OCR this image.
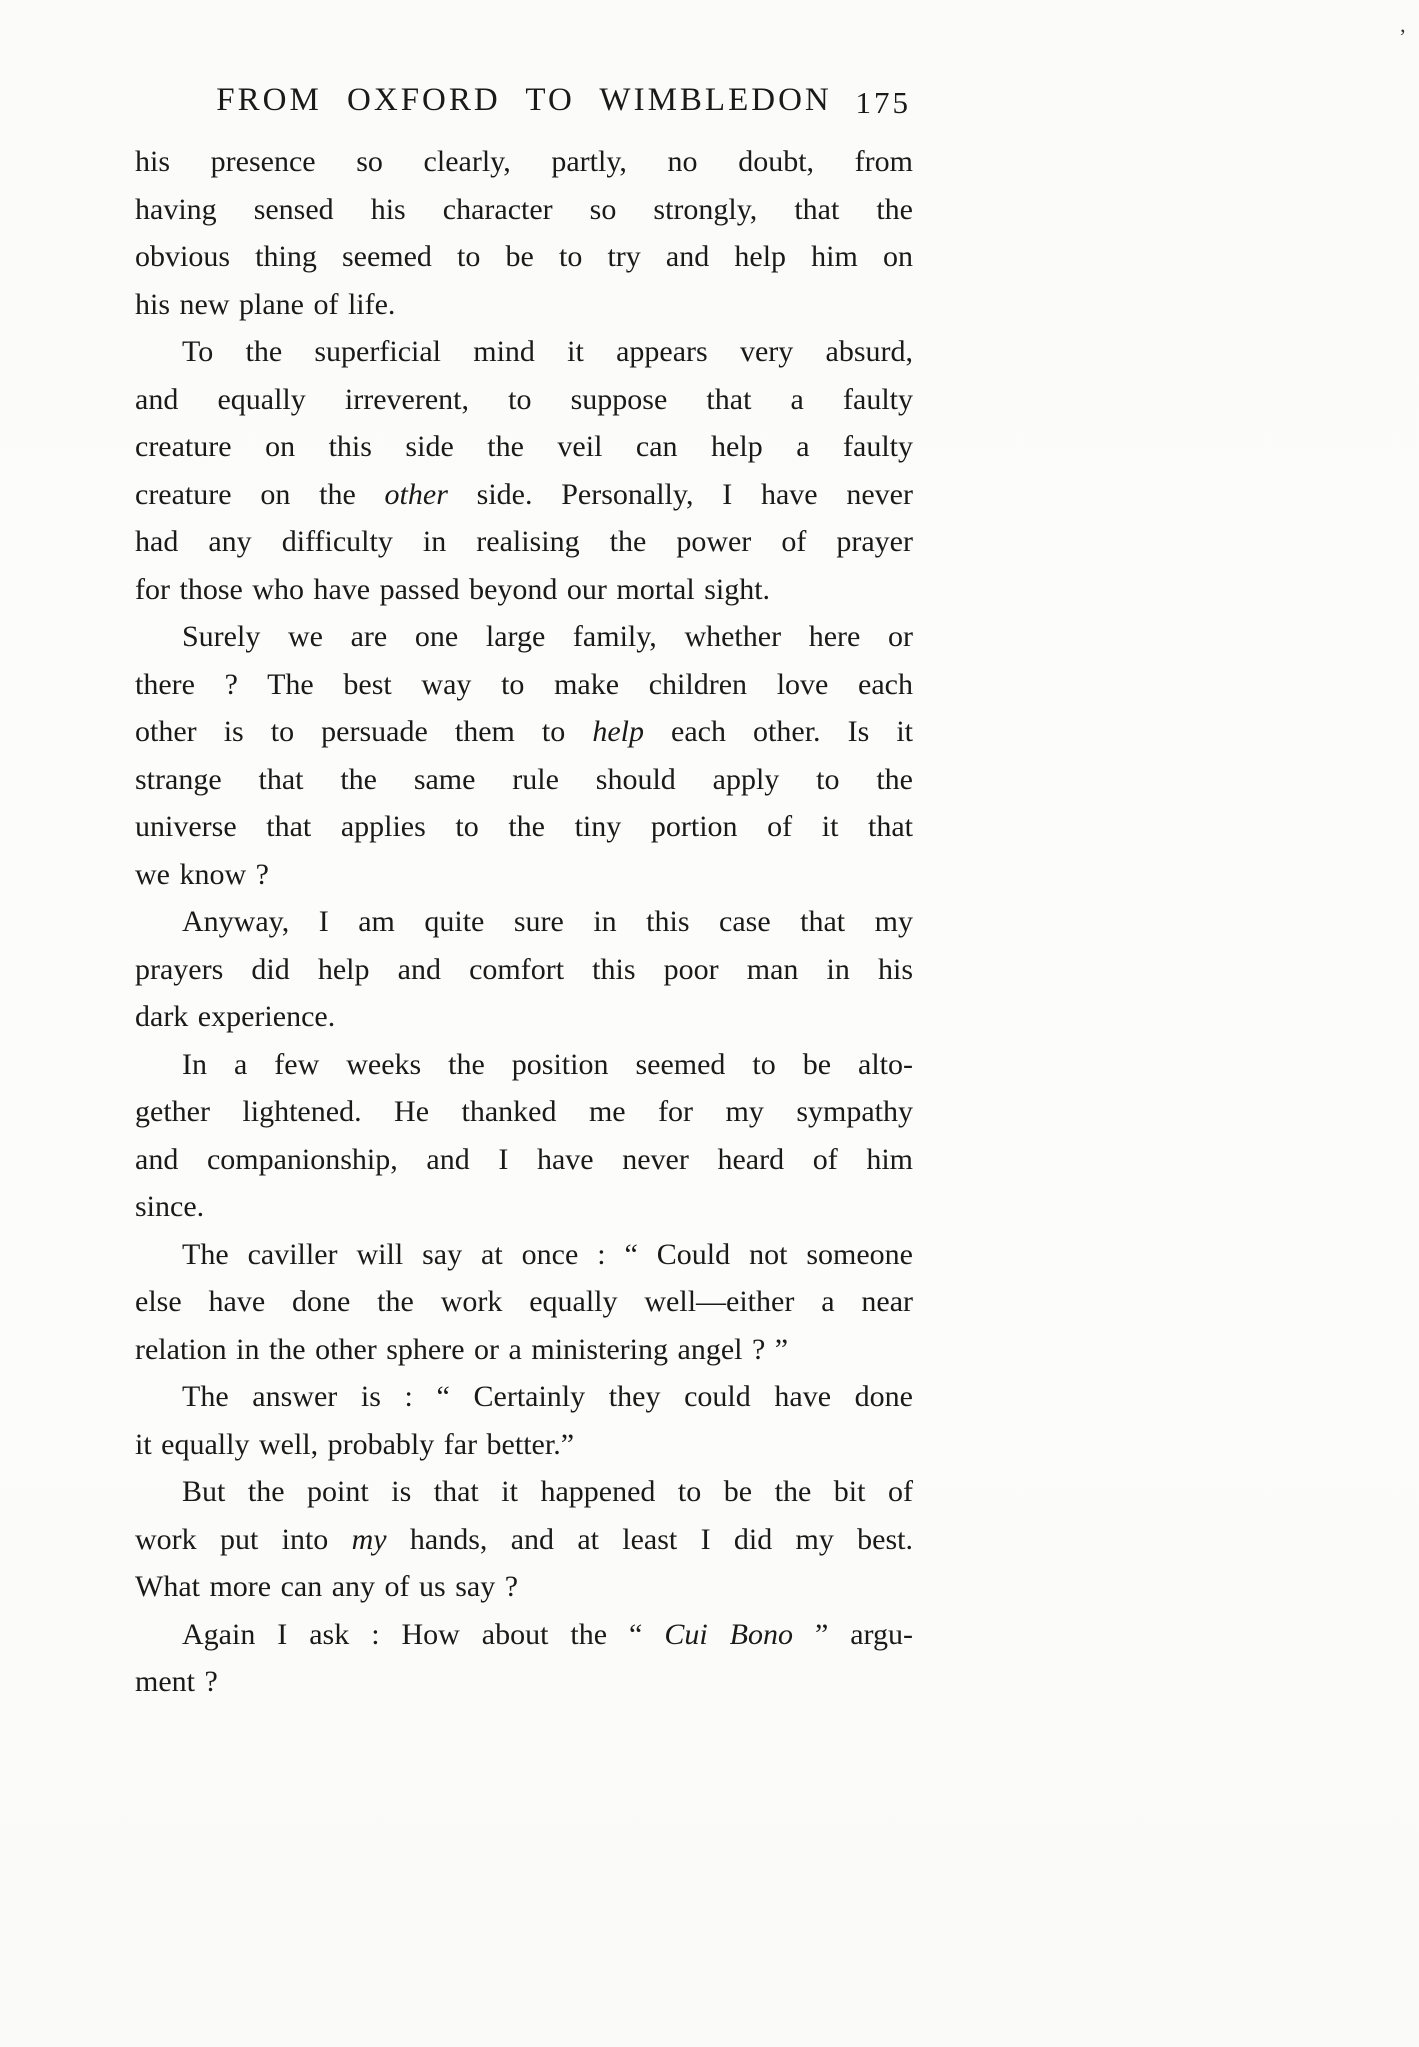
’
FROM OXFORD TO WIMBLEDON 175
his presence so clearly, partly, no doubt, from
having sensed his character so strongly, that the
obvious thing seemed to be to try and help him on
his new plane of life.
To the superficial mind it appears very absurd,
and equally irreverent, to suppose that a faulty
creature on this side the veil can help a faulty
creature on the other side. Personally, I have never
had any difficulty in realising the power of prayer
for those who have passed beyond our mortal sight.
Surely we are one large family, whether here or
there ? The best way to make children love each
other is to persuade them to help each other. Is it
strange that the same rule should apply to the
universe that applies to the tiny portion of it that
we know ?
Anyway, I am quite sure in this case that my
prayers did help and comfort this poor man in his
dark experience.
In a few weeks the position seemed to be alto-
gether lightened. He thanked me for my sympathy
and companionship, and I have never heard of him
since.
The caviller will say at once : “ Could not someone
else have done the work equally well—either a near
relation in the other sphere or a ministering angel ? ”
The answer is : “ Certainly they could have done
it equally well, probably far better.”
But the point is that it happened to be the bit of
work put into my hands, and at least I did my best.
What more can any of us say ?
Again I ask : How about the “ Cui Bono ” argu-
ment ?
